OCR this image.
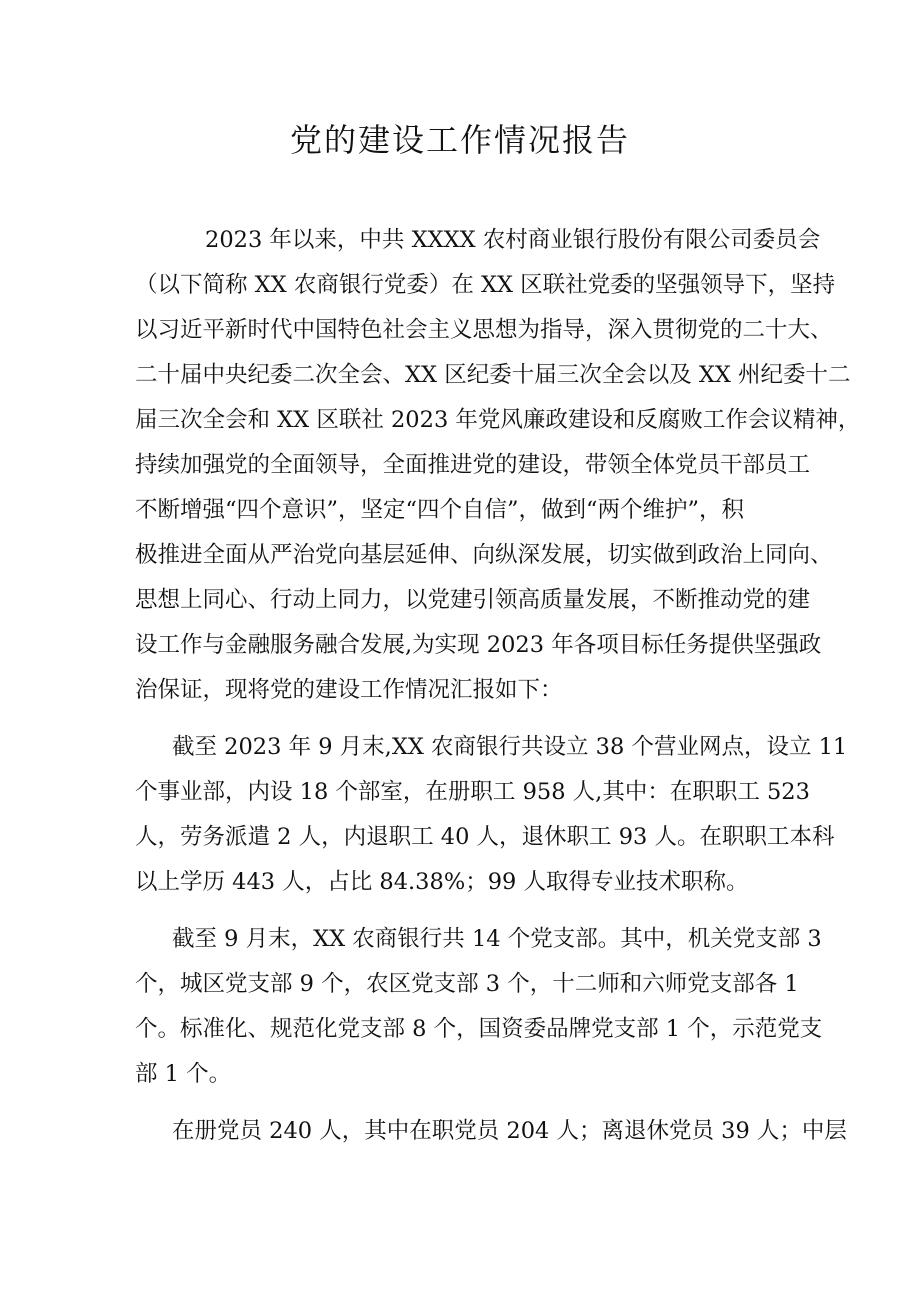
党的建设工作情况报告

2023 年以来，中共 XXXX 农村商业银行股份有限公司委员会

（以下简称 XX 农商银行党委）在 XX 区联社党委的坚强领导下，坚持

以习近平新时代中国特色社会主义思想为指导，深入贯彻党的二十大、

二十届中央纪委二次全会、XX 区纪委十届三次全会以及 XX 州纪委十二

届三次全会和 XX 区联社 2023 年党风廉政建设和反腐败工作会议精神，

持续加强党的全面领导，全面推进党的建设，带领全体党员干部员工

不断增强“四个意识”，坚定“四个自信”，做到“两个维护”，积

极推进全面从严治党向基层延伸、向纵深发展，切实做到政治上同向、

思想上同心、行动上同力，以党建引领高质量发展，不断推动党的建

设工作与金融服务融合发展,为实现 2023 年各项目标任务提供坚强政

治保证，现将党的建设工作情况汇报如下：

截至 2023 年 9 月末,XX 农商银行共设立 38 个营业网点，设立 11

个事业部，内设 18 个部室，在册职工 958 人,其中：在职职工 523

人，劳务派遣 2 人，内退职工 40 人，退休职工 93 人。在职职工本科

以上学历 443 人，占比 84.38%；99 人取得专业技术职称。

截至 9 月末，XX 农商银行共 14 个党支部。其中，机关党支部 3

个，城区党支部 9 个，农区党支部 3 个，十二师和六师党支部各 1

个。标准化、规范化党支部 8 个，国资委品牌党支部 1 个，示范党支

部 1 个。

在册党员 240 人，其中在职党员 204 人；离退休党员 39 人；中层
